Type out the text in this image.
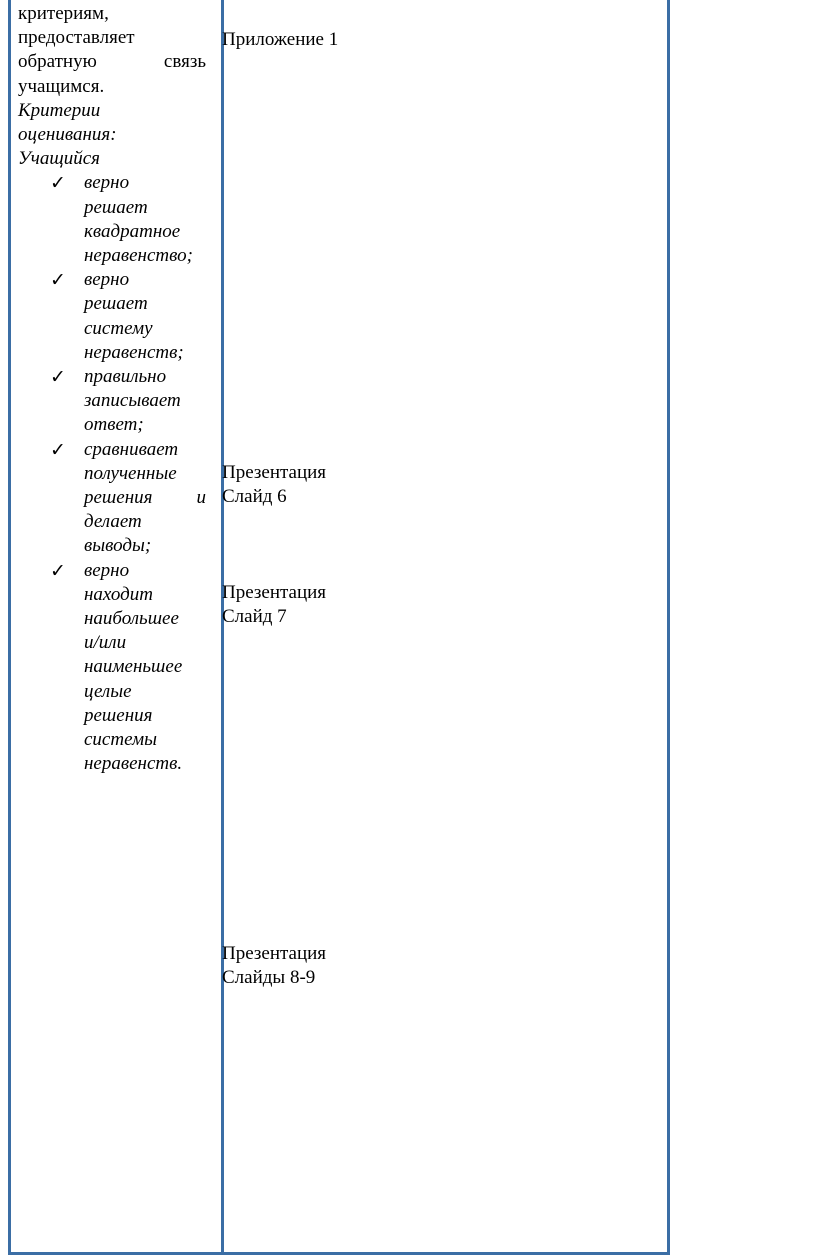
критериям,

предоставляет

обратную связь

учащимся.

Критерии

оценивания:

Учащийся

✓ верно
решает
квадратное
неравенство;
✓ верно
решает
систему
неравенств;
✓ правильно
записывает
ответ;
✓ сравнивает
полученные
решения и
делает
выводы;
✓ верно
находит
наибольшее
и/или
наименьшее
целые
решения
системы
неравенств.
Приложение 1
Презентация
Слайд 6
Презентация
Слайд 7
Презентация
Слайды 8-9
